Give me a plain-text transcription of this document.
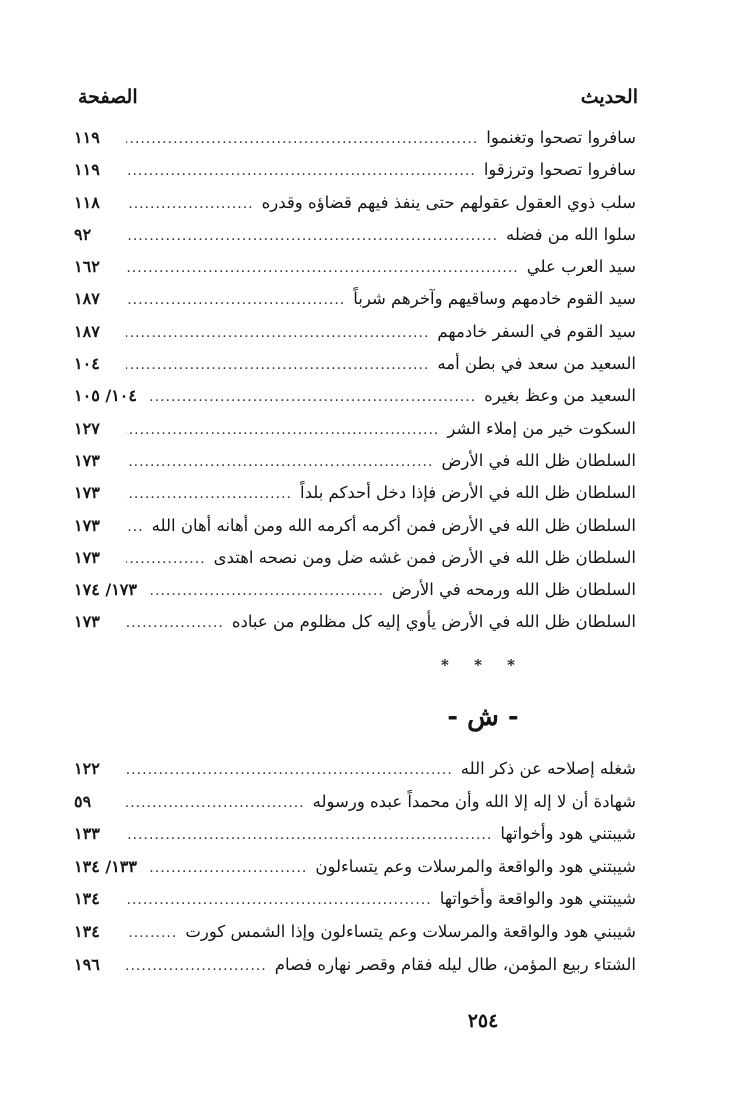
الحديث
الصفحة
سافروا تصحوا وتغنموا
.....
١١٩
سافروا تصحوا وترزقوا
.....
١١٩
سلب ذوي العقول عقولهم حتى ينفذ فيهم قضاؤه وقدره
.....
١١٨
سلوا الله من فضله
.....
٩٢
سيد العرب علي
.....
١٦٢
سيد القوم خادمهم وساقيهم وآخرهم شرباً
.....
١٨٧
سيد القوم في السفر خادمهم
.....
١٨٧
السعيد من سعد في بطن أمه
.....
١٠٤
السعيد من وعظ بغيره
.....
١٠٤/ ١٠٥
السكوت خير من إملاء الشر
.....
١٢٧
السلطان ظل الله في الأرض
.....
١٧٣
السلطان ظل الله في الأرض فإذا دخل أحدكم بلداً
.....
١٧٣
السلطان ظل الله في الأرض فمن أكرمه أكرمه الله ومن أهانه أهان الله
.....
١٧٣
السلطان ظل الله في الأرض فمن غشه ضل ومن نصحه اهتدى
.....
١٧٣
السلطان ظل الله ورمحه في الأرض
.....
١٧٣/ ١٧٤
السلطان ظل الله في الأرض يأوي إليه كل مظلوم من عباده
.....
١٧٣
* * *
- ش -
شغله إصلاحه عن ذكر الله
.....
١٢٢
شهادة أن لا إله إلا الله وأن محمداً عبده ورسوله
.....
٥٩
شيبتني هود وأخواتها
.....
١٣٣
شيبتني هود والواقعة والمرسلات وعم يتساءلون
.....
١٣٣/ ١٣٤
شيبتني هود والواقعة وأخواتها
.....
١٣٤
شيبني هود والواقعة والمرسلات وعم يتساءلون وإذا الشمس كورت
.....
١٣٤
الشتاء ربيع المؤمن، طال ليله فقام وقصر نهاره فصام
.....
١٩٦
٢٥٤
